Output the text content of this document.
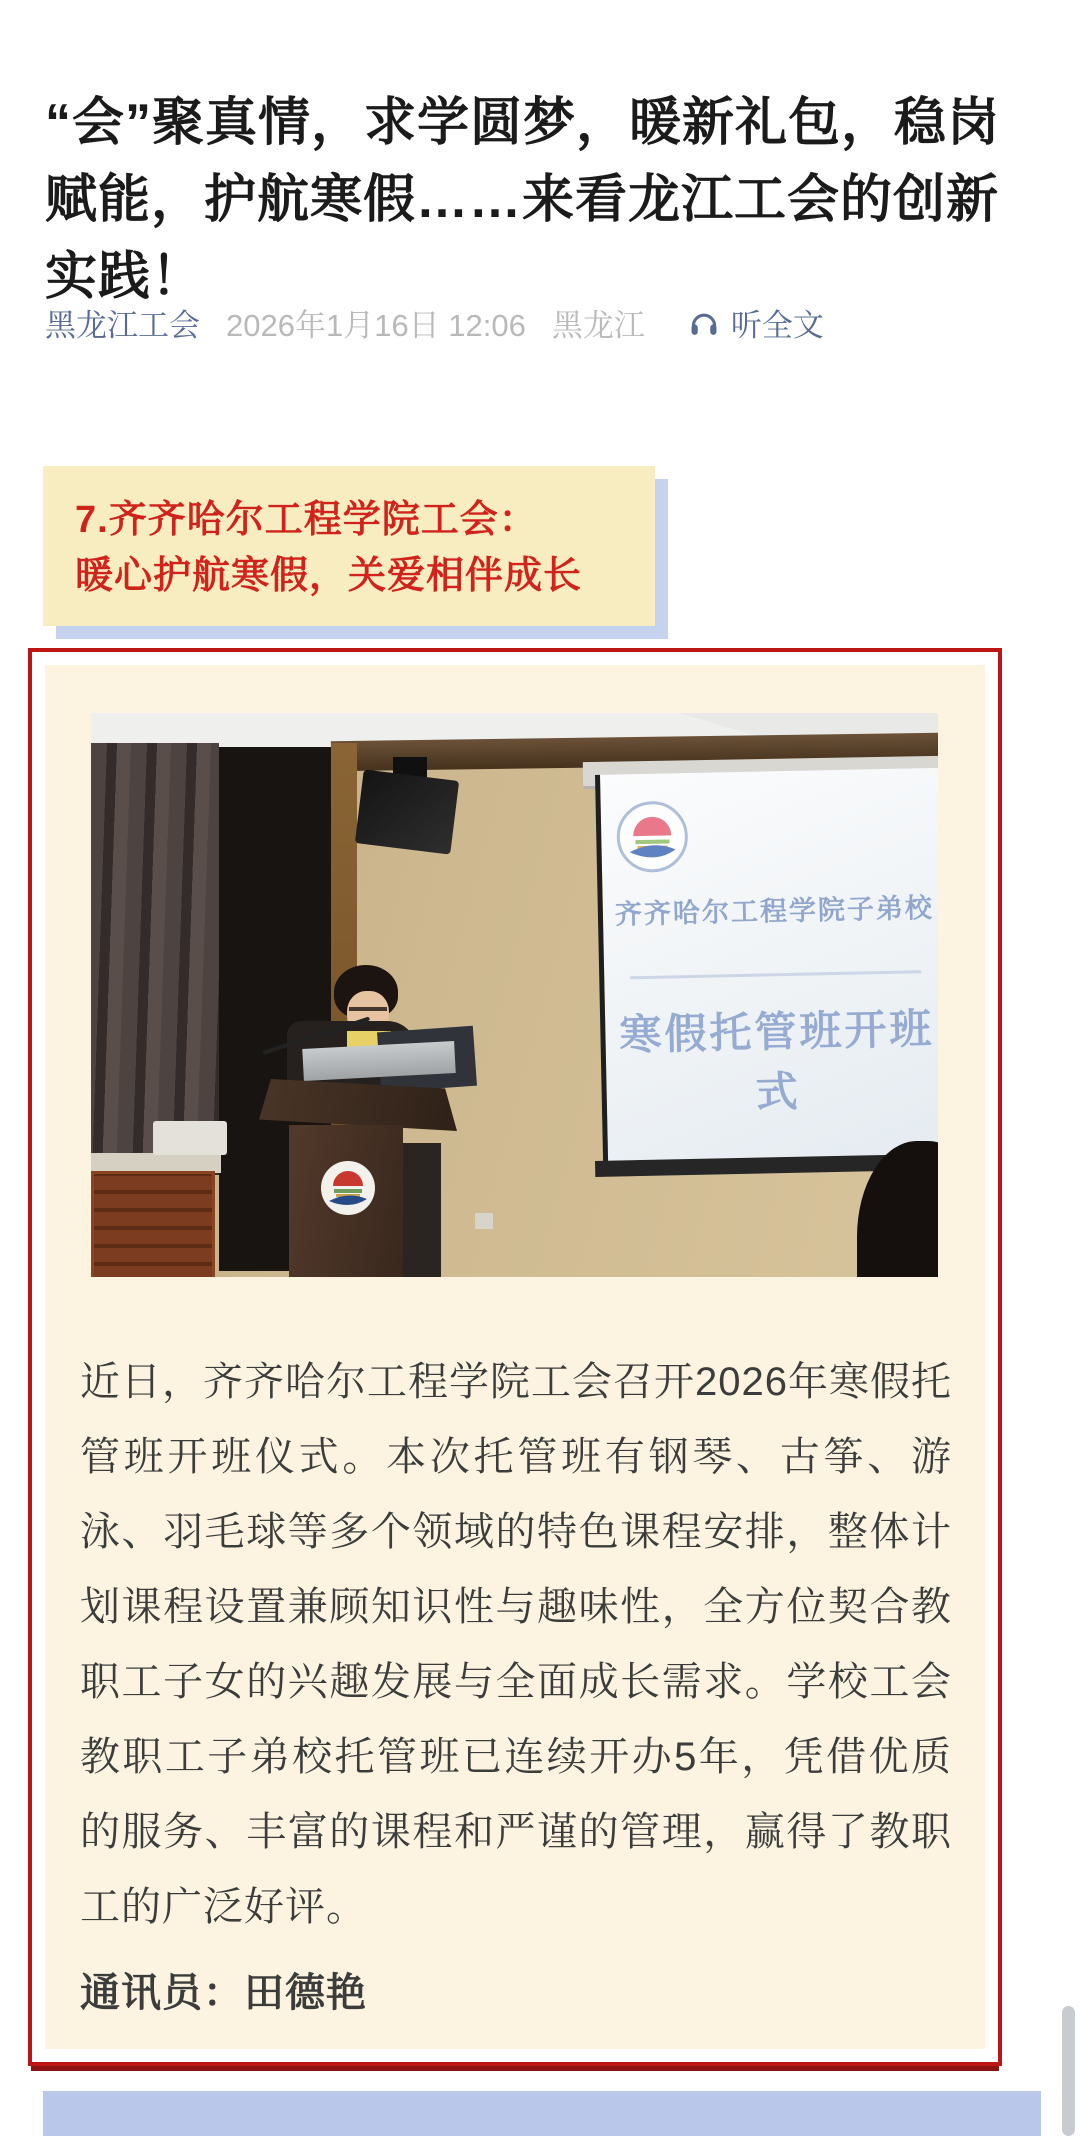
“会”聚真情，求学圆梦，暖新礼包，稳岗赋能，护航寒假……来看龙江工会的创新实践！
黑龙江工会 2026年1月16日 12:06 黑龙江	听全文
7.齐齐哈尔工程学院工会：
暖心护航寒假，关爱相伴成长
齐齐哈尔工程学院子弟校
寒假托管班开班式

近日，齐齐哈尔工程学院工会召开2026年寒假托管班开班仪式。本次托管班有钢琴、古筝、游泳、羽毛球等多个领域的特色课程安排，整体计划课程设置兼顾知识性与趣味性，全方位契合教职工子女的兴趣发展与全面成长需求。学校工会教职工子弟校托管班已连续开办5年，凭借优质的服务、丰富的课程和严谨的管理，赢得了教职工的广泛好评。

通讯员：田德艳
